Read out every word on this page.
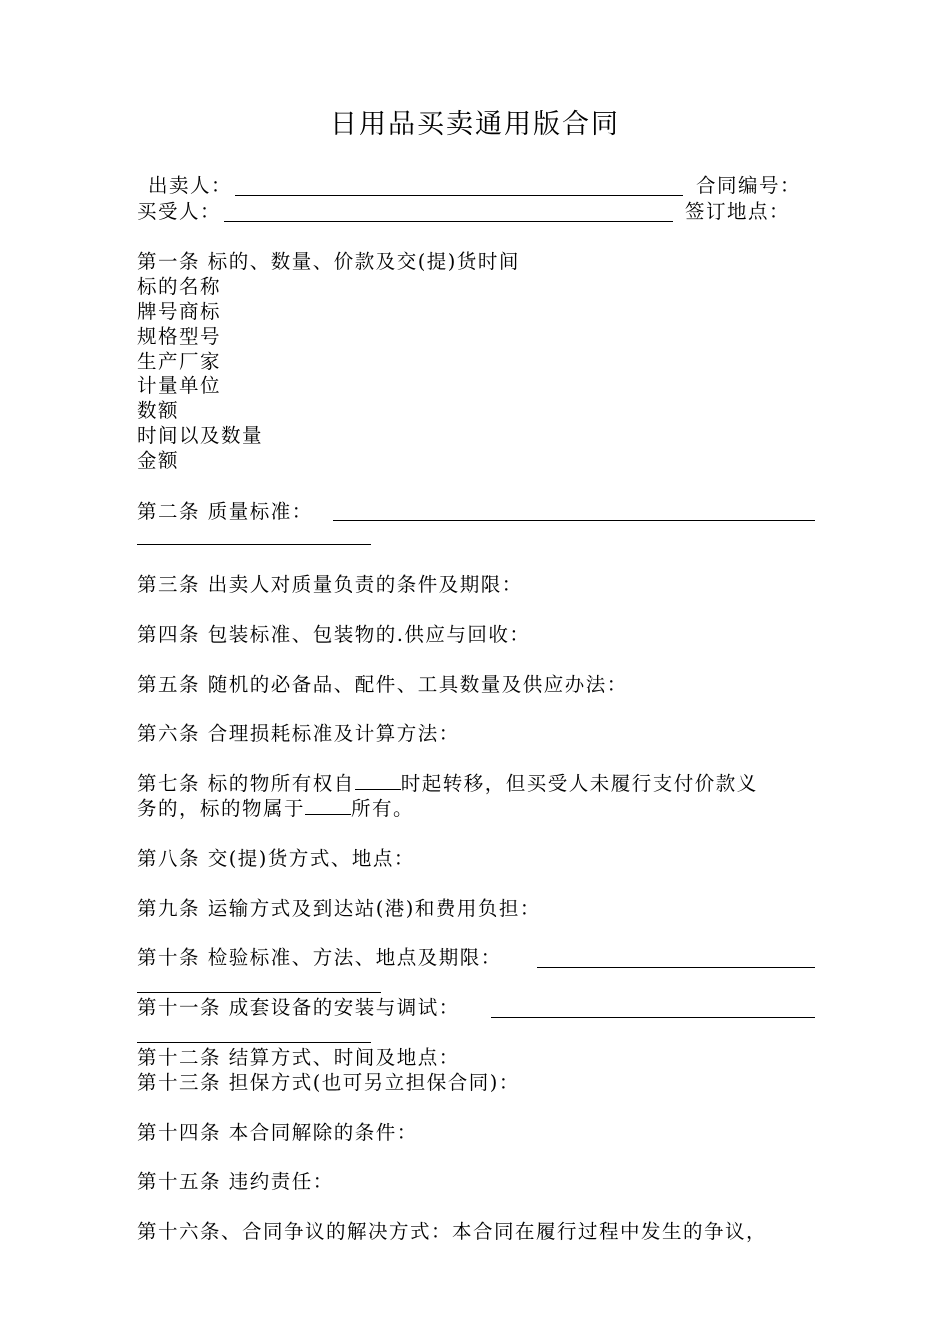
日用品买卖通用版合同
出卖人：	合同编号：
买受人：	签订地点：
第一条 标的、数量、价款及交(提)货时间
标的名称
牌号商标
规格型号
生产厂家
计量单位
数额
时间以及数量
金额
第二条 质量标准：
第三条 出卖人对质量负责的条件及期限：
第四条 包装标准、包装物的.供应与回收：
第五条 随机的必备品、配件、工具数量及供应办法：
第六条 合理损耗标准及计算方法：
第七条 标的物所有权自 时起转移，但买受人未履行支付价款义
务的，标的物属于 所有。
第八条 交(提)货方式、地点：
第九条 运输方式及到达站(港)和费用负担：
第十条 检验标准、方法、地点及期限：
第十一条 成套设备的安装与调试：
第十二条 结算方式、时间及地点：
第十三条 担保方式(也可另立担保合同)：
第十四条 本合同解除的条件：
第十五条 违约责任：
第十六条、合同争议的解决方式：本合同在履行过程中发生的争议，
